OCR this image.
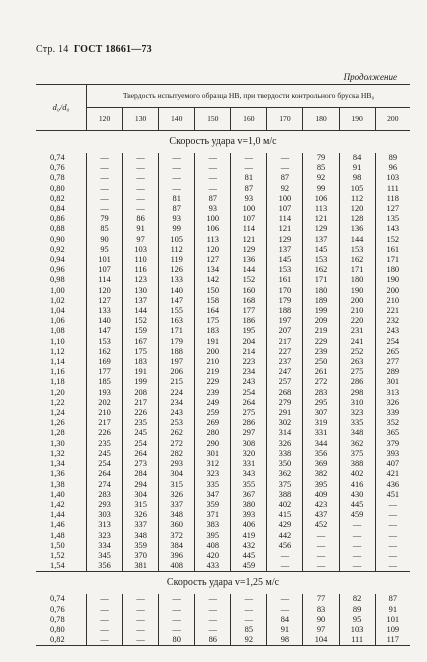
Стр. 14 ГОСТ 18661—73
Продолжение
d₀/d₀	Твердость испытуемого образца HB, при твердости контрольного бруска HB₀								
	120	130	140	150	160	170	180	190	200
Скорость удара v=1,0 м/с									
0,74	—	—	—	—	—	—	79	84	89
0,76	—	—	—	—	—	—	85	91	96
0,78	—	—	—	—	81	87	92	98	103
0,80	—	—	—	—	87	92	99	105	111
0,82	—	—	81	87	93	100	106	112	118
0,84	—	—	87	93	100	107	113	120	127
0,86	79	86	93	100	107	114	121	128	135
0,88	85	91	99	106	114	121	129	136	143
0,90	90	97	105	113	121	129	137	144	152
0,92	95	103	112	120	129	137	145	153	161
0,94	101	110	119	127	136	145	153	162	171
0,96	107	116	126	134	144	153	162	171	180
0,98	114	123	133	142	152	161	171	180	190
1,00	120	130	140	150	160	170	180	190	200
1,02	127	137	147	158	168	179	189	200	210
1,04	133	144	155	164	177	188	199	210	221
1,06	140	152	163	175	186	197	209	220	232
1,08	147	159	171	183	195	207	219	231	243
1,10	153	167	179	191	204	217	229	241	254
1,12	162	175	188	200	214	227	239	252	265
1,14	169	183	197	210	223	237	250	263	277
1,16	177	191	206	219	234	247	261	275	289
1,18	185	199	215	229	243	257	272	286	301
1,20	193	208	224	239	254	268	283	298	313
1,22	202	217	234	249	264	279	295	310	326
1,24	210	226	243	259	275	291	307	323	339
1,26	217	235	253	269	286	302	319	335	352
1,28	226	245	262	280	297	314	331	348	365
1,30	235	254	272	290	308	326	344	362	379
1,32	245	264	282	301	320	338	356	375	393
1,34	254	273	293	312	331	350	369	388	407
1,36	264	284	304	323	343	362	382	402	421
1,38	274	294	315	335	355	375	395	416	436
1,40	283	304	326	347	367	388	409	430	451
1,42	293	315	337	359	380	402	423	445	—
1,44	303	326	348	371	393	415	437	459	—
1,46	313	337	360	383	406	429	452	—	—
1,48	323	348	372	395	419	442	—	—	—
1,50	334	359	384	408	432	456	—	—	—
1,52	345	370	396	420	445	—	—	—	—
1,54	356	381	408	433	459	—	—	—	—
Скорость удара v=1,25 м/с									
0,74	—	—	—	—	—	—	77	82	87
0,76	—	—	—	—	—	—	83	89	91
0,78	—	—	—	—	—	84	90	95	101
0,80	—	—	—	—	85	91	97	103	109
0,82	—	—	80	86	92	98	104	111	117
